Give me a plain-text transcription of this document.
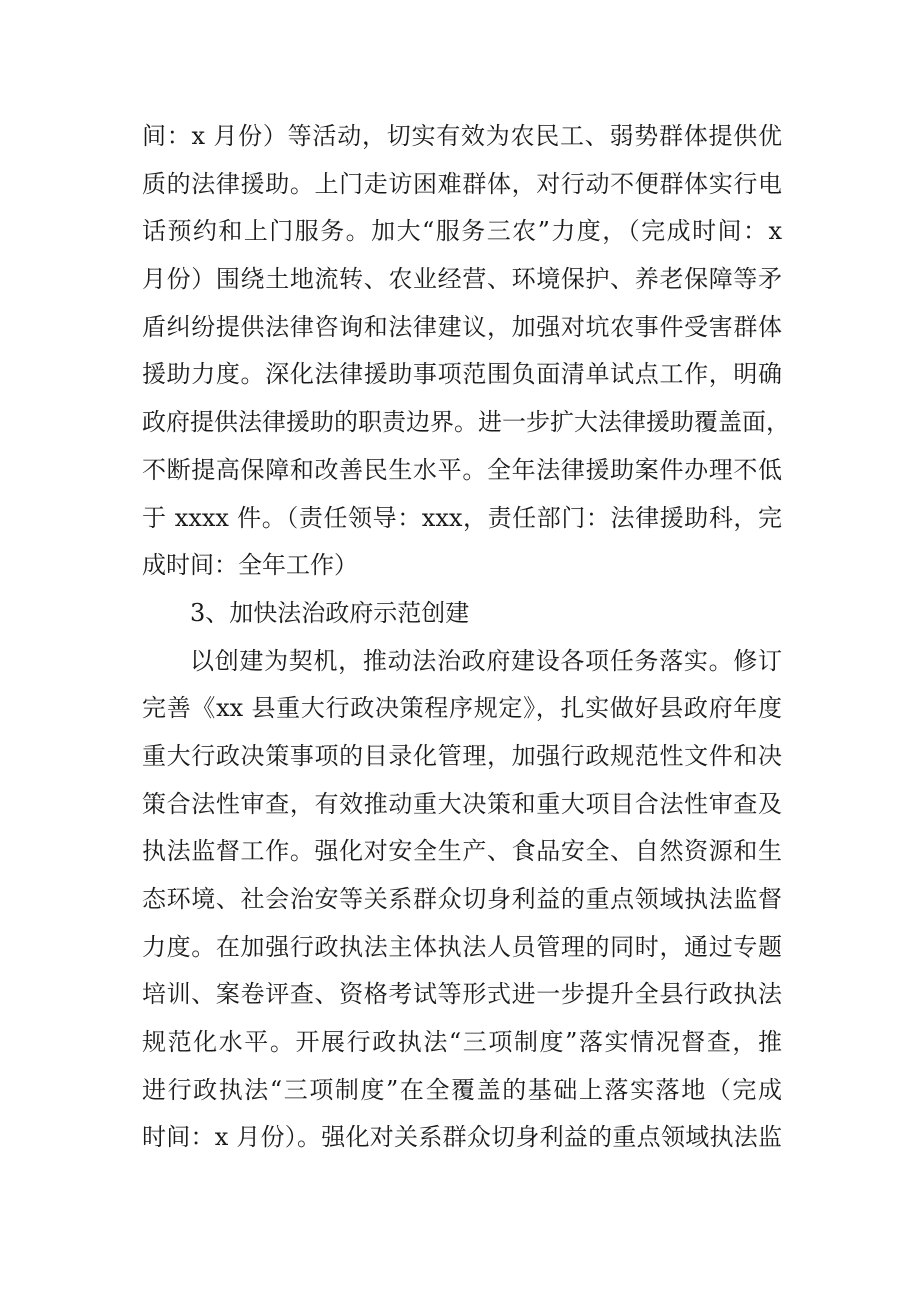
间：x 月份）等活动，切实有效为农民工、弱势群体提供优
质的法律援助。上门走访困难群体，对行动不便群体实行电
话预约和上门服务。加大“服务三农”力度，（完成时间：x
月份）围绕土地流转、农业经营、环境保护、养老保障等矛
盾纠纷提供法律咨询和法律建议，加强对坑农事件受害群体
援助力度。深化法律援助事项范围负面清单试点工作，明确
政府提供法律援助的职责边界。进一步扩大法律援助覆盖面，
不断提高保障和改善民生水平。全年法律援助案件办理不低
于 xxxx 件。（责任领导：xxx，责任部门：法律援助科，完
成时间：全年工作）
3、加快法治政府示范创建
以创建为契机，推动法治政府建设各项任务落实。修订
完善《xx 县重大行政决策程序规定》，扎实做好县政府年度
重大行政决策事项的目录化管理，加强行政规范性文件和决
策合法性审查，有效推动重大决策和重大项目合法性审查及
执法监督工作。强化对安全生产、食品安全、自然资源和生
态环境、社会治安等关系群众切身利益的重点领域执法监督
力度。在加强行政执法主体执法人员管理的同时，通过专题
培训、案卷评查、资格考试等形式进一步提升全县行政执法
规范化水平。开展行政执法“三项制度”落实情况督查，推
进行政执法“三项制度”在全覆盖的基础上落实落地（完成
时间：x 月份）。强化对关系群众切身利益的重点领域执法监
